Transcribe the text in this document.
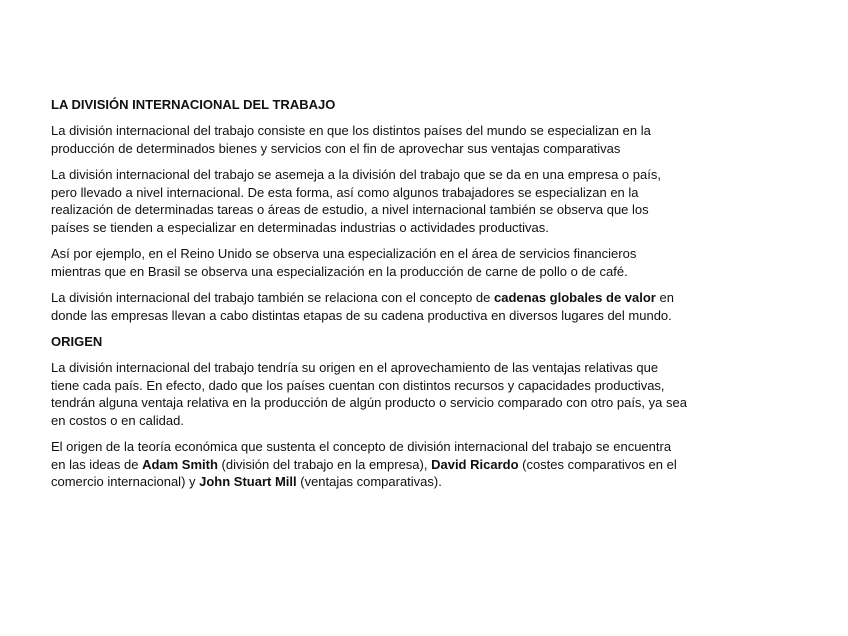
LA DIVISIÓN INTERNACIONAL DEL TRABAJO

La división internacional del trabajo consiste en que los distintos países del mundo se especializan en la
producción de determinados bienes y servicios con el fin de aprovechar sus ventajas comparativas

La división internacional del trabajo se asemeja a la división del trabajo que se da en una empresa o país,
pero llevado a nivel internacional. De esta forma, así como algunos trabajadores se especializan en la
realización de determinadas tareas o áreas de estudio, a nivel internacional también se observa que los
países se tienden a especializar en determinadas industrias o actividades productivas.

Así por ejemplo, en el Reino Unido se observa una especialización en el área de servicios financieros
mientras que en Brasil se observa una especialización en la producción de carne de pollo o de café.

La división internacional del trabajo también se relaciona con el concepto de cadenas globales de valor en
donde las empresas llevan a cabo distintas etapas de su cadena productiva en diversos lugares del mundo.

ORIGEN

La división internacional del trabajo tendría su origen en el aprovechamiento de las ventajas relativas que
tiene cada país. En efecto, dado que los países cuentan con distintos recursos y capacidades productivas,
tendrán alguna ventaja relativa en la producción de algún producto o servicio comparado con otro país, ya sea
en costos o en calidad.

El origen de la teoría económica que sustenta el concepto de división internacional del trabajo se encuentra
en las ideas de Adam Smith (división del trabajo en la empresa), David Ricardo (costes comparativos en el
comercio internacional) y John Stuart Mill (ventajas comparativas).
